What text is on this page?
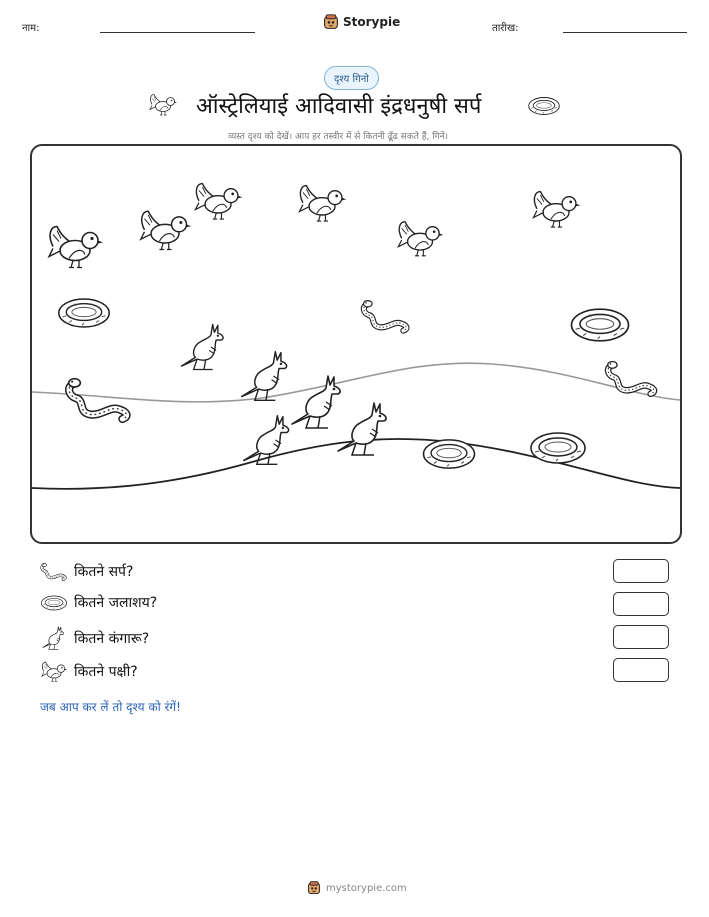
नाम:	Storypie	तारीख:
दृश्य गिनो
ऑस्ट्रेलियाई आदिवासी इंद्रधनुषी सर्प
व्यस्त दृश्य को देखें। आप हर तस्वीर में से कितनी ढूँढ सकते हैं, गिनें।
कितने सर्प?
कितने जलाशय?
कितने कंगारू?
कितने पक्षी?
जब आप कर लें तो दृश्य को रंगें!
mystorypie.com
